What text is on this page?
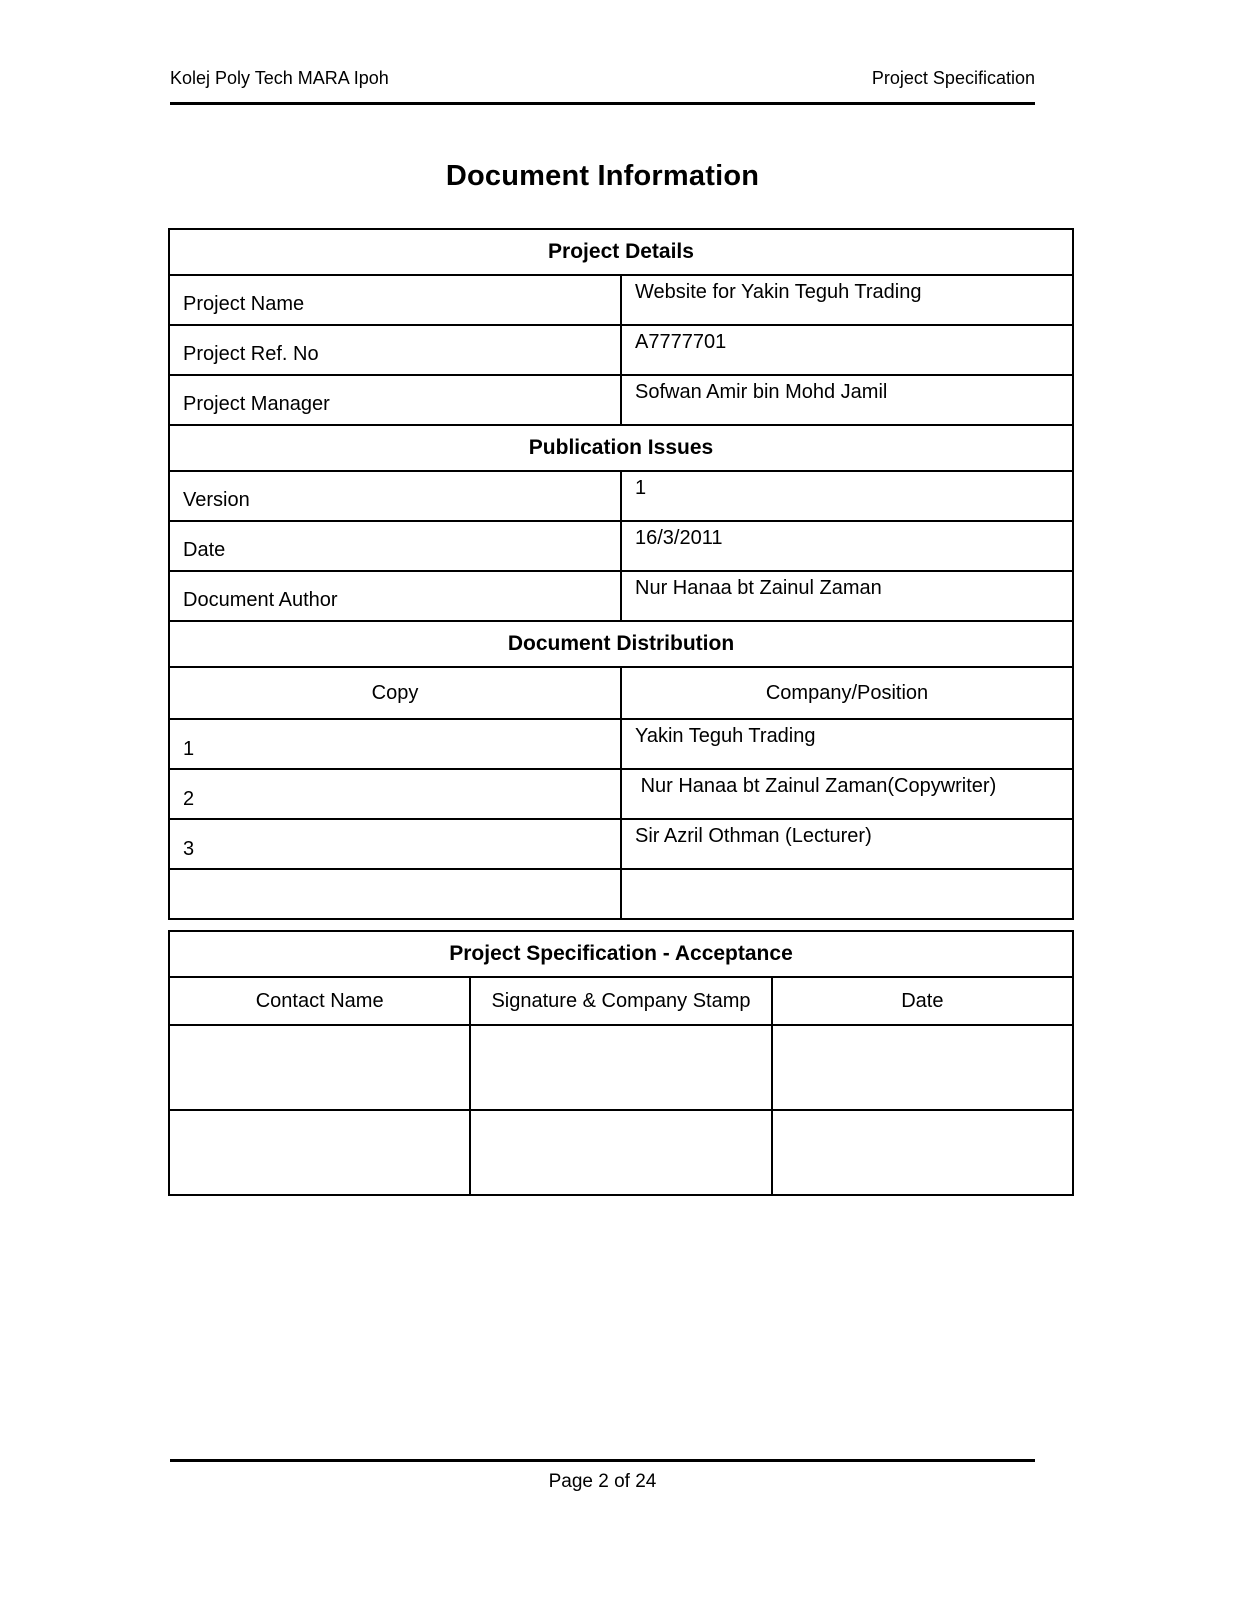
Kolej Poly Tech MARA Ipoh	Project Specification
Document Information
Project Details	
Project Name	Website for Yakin Teguh Trading
Project Ref. No	A7777701
Project Manager	Sofwan Amir bin Mohd Jamil
Publication Issues	
Version	1
Date	16/3/2011
Document Author	Nur Hanaa bt Zainul Zaman
Document Distribution	
Copy	Company/Position
1	Yakin Teguh Trading
2	Nur Hanaa bt Zainul Zaman(Copywriter)
3	Sir Azril Othman (Lecturer)

Project Specification - Acceptance		
Contact Name	Signature & Company Stamp	Date

Page 2 of 24
